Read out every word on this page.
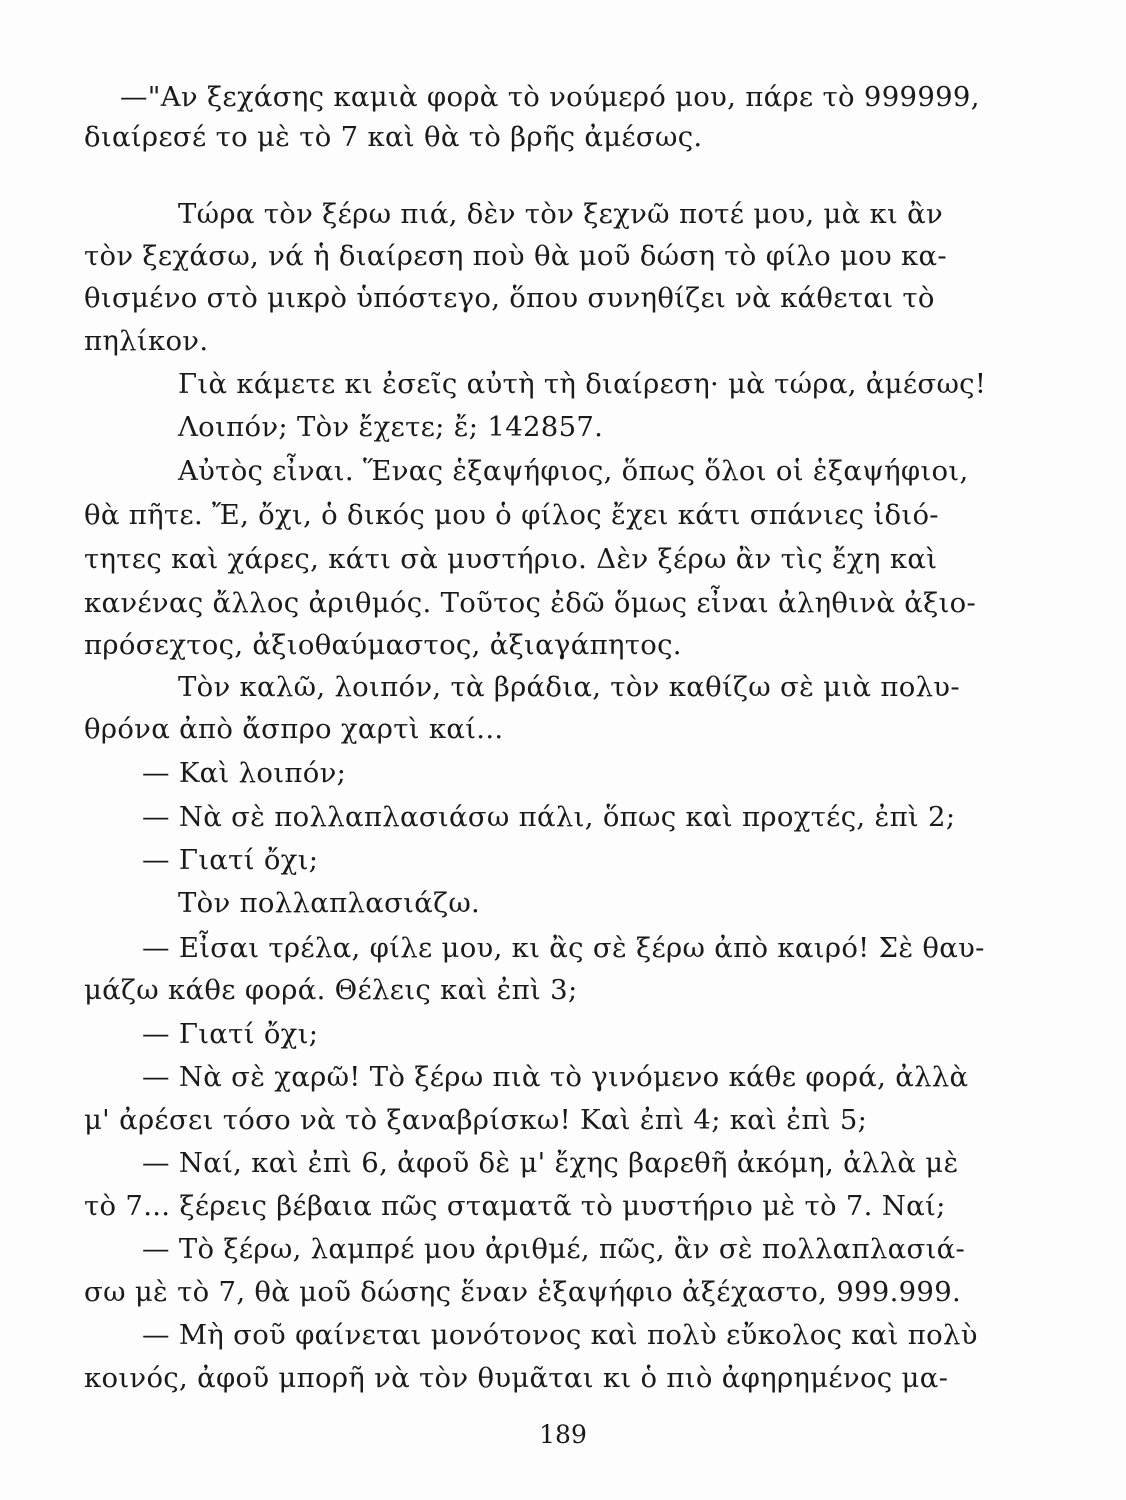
—"Αν ξεχάσης καμιὰ φορὰ τὸ νούμερό μου, πάρε τὸ 999999,
διαίρεσέ το μὲ τὸ 7 καὶ θὰ τὸ βρῆς ἀμέσως.
Τώρα τὸν ξέρω πιά, δὲν τὸν ξεχνῶ ποτέ μου, μὰ κι ἂν
τὸν ξεχάσω, νά ἡ διαίρεση ποὺ θὰ μοῦ δώση τὸ φίλο μου κα-
θισμένο στὸ μικρὸ ὑπόστεγο, ὅπου συνηθίζει νὰ κάθεται τὸ
πηλίκον.
Γιὰ κάμετε κι ἐσεῖς αὐτὴ τὴ διαίρεση· μὰ τώρα, ἀμέσως!
Λοιπόν; Τὸν ἔχετε; ἔ; 142857.
Αὐτὸς εἶναι. Ἕνας ἑξαψήφιος, ὅπως ὅλοι οἱ ἑξαψήφιοι,
θὰ πῆτε. Ἔ, ὄχι, ὁ δικός μου ὁ φίλος ἔχει κάτι σπάνιες ἰδιό-
τητες καὶ χάρες, κάτι σὰ μυστήριο. Δὲν ξέρω ἂν τὶς ἔχη καὶ
κανένας ἄλλος ἀριθμός. Τοῦτος ἐδῶ ὅμως εἶναι ἀληθινὰ ἀξιο-
πρόσεχτος, ἀξιοθαύμαστος, ἀξιαγάπητος.
Τὸν καλῶ, λοιπόν, τὰ βράδια, τὸν καθίζω σὲ μιὰ πολυ-
θρόνα ἀπὸ ἄσπρο χαρτὶ καί...
— Καὶ λοιπόν;
— Νὰ σὲ πολλαπλασιάσω πάλι, ὅπως καὶ προχτές, ἐπὶ 2;
— Γιατί ὄχι;
Τὸν πολλαπλασιάζω.
— Εἶσαι τρέλα, φίλε μου, κι ἂς σὲ ξέρω ἀπὸ καιρό! Σὲ θαυ-
μάζω κάθε φορά. Θέλεις καὶ ἐπὶ 3;
— Γιατί ὄχι;
— Νὰ σὲ χαρῶ! Τὸ ξέρω πιὰ τὸ γινόμενο κάθε φορά, ἀλλὰ
μ' ἀρέσει τόσο νὰ τὸ ξαναβρίσκω! Καὶ ἐπὶ 4; καὶ ἐπὶ 5;
— Ναί, καὶ ἐπὶ 6, ἀφοῦ δὲ μ' ἔχης βαρεθῆ ἀκόμη, ἀλλὰ μὲ
τὸ 7... ξέρεις βέβαια πῶς σταματᾶ τὸ μυστήριο μὲ τὸ 7. Ναί;
— Τὸ ξέρω, λαμπρέ μου ἀριθμέ, πῶς, ἂν σὲ πολλαπλασιά-
σω μὲ τὸ 7, θὰ μοῦ δώσης ἕναν ἑξαψήφιο ἀξέχαστο, 999.999.
— Μὴ σοῦ φαίνεται μονότονος καὶ πολὺ εὔκολος καὶ πολὺ
κοινός, ἀφοῦ μπορῆ νὰ τὸν θυμᾶται κι ὁ πιὸ ἀφηρημένος μα-
189
